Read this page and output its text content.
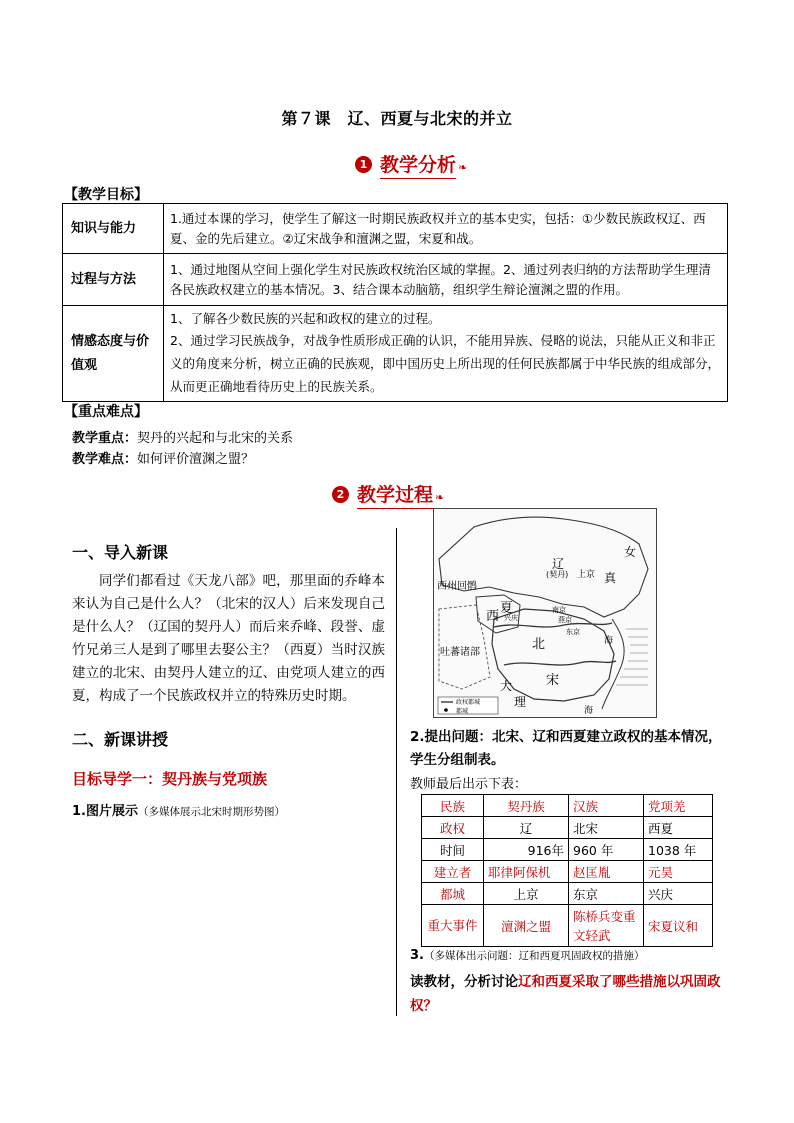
第７课　辽、西夏与北宋的并立
1 教学分析 ❧
【教学目标】
知识与能力	1.通过本课的学习，使学生了解这一时期民族政权并立的基本史实，包括：①少数民族政权辽、西夏、金的先后建立。②辽宋战争和澶渊之盟，宋夏和战。
过程与方法	1、通过地图从空间上强化学生对民族政权统治区域的掌握。2、通过列表归纳的方法帮助学生理清各民族政权建立的基本情况。3、结合课本动脑筋，组织学生辩论澶渊之盟的作用。
情感态度与价值观	1、了解各少数民族的兴起和政权的建立的过程。
2、通过学习民族战争，对战争性质形成正确的认识，不能用异族、侵略的说法，只能从正义和非正义的角度来分析，树立正确的民族观，即中国历史上所出现的任何民族都属于中华民族的组成部分，从而更正确地看待历史上的民族关系。
【重点难点】
教学重点：契丹的兴起和与北宋的关系
教学难点：如何评价澶渊之盟？
2 教学过程 ❧
一、导入新课
同学们都看过《天龙八部》吧，那里面的乔峰本来认为自己是什么人？（北宋的汉人）后来发现自己是什么人？（辽国的契丹人）而后来乔峰、段誉、虚竹兄弟三人是到了哪里去娶公主？（西夏）当时汉族建立的北宋、由契丹人建立的辽、由党项人建立的西夏，构成了一个民族政权并立的特殊历史时期。
二、新课讲授
目标导学一：契丹族与党项族
1.图片展示（多媒体展示北宋时期形势图）
西州回鹘
辽
(契丹) 上京 真
女
夏
西 兴庆
北
宋
吐蕃诸部
大
理
东京
南京
燕京
海
海
政权都城
都城
2.提出问题：北宋、辽和西夏建立政权的基本情况，学生分组制表。
教师最后出示下表：
民族	契丹族	汉族	党项羌
政权	辽	北宋	西夏
时间	916年	960 年	1038 年
建立者	耶律阿保机	赵匡胤	元昊
都城	上京	东京	兴庆
重大事件	澶渊之盟	陈桥兵变重文轻武	宋夏议和
3.（多媒体出示问题：辽和西夏巩固政权的措施）
读教材，分析讨论辽和西夏采取了哪些措施以巩固政权？
